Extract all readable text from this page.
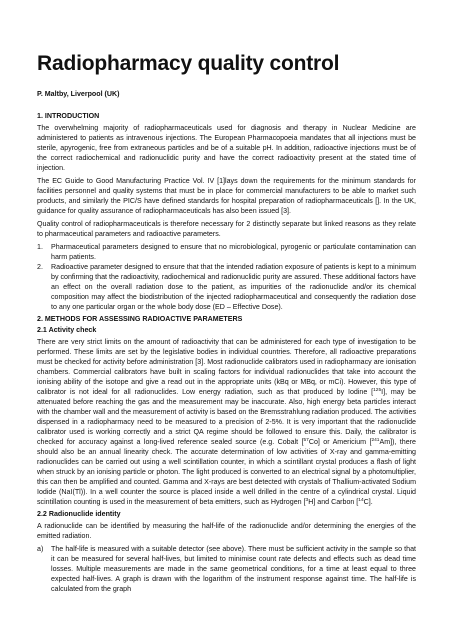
Radiopharmacy quality control
P. Maltby, Liverpool (UK)
1. INTRODUCTION

The overwhelming majority of radiopharmaceuticals used for diagnosis and therapy in Nuclear Medicine are administered to patients as intravenous injections. The European Pharmacopoeia mandates that all injections must be sterile, apyrogenic, free from extraneous particles and be of a suitable pH. In addition, radioactive injections must be of the correct radiochemical and radionuclidic purity and have the correct radioactivity present at the stated time of injection.

The EC Guide to Good Manufacturing Practice Vol. IV [1]lays down the requirements for the minimum standards for facilities personnel and quality systems that must be in place for commercial manufacturers to be able to market such products, and similarly the PIC/S have defined standards for hospital preparation of radiopharmaceuticals []. In the UK, guidance for quality assurance of radiopharmaceuticals has also been issued [3].

Quality control of radiopharmaceuticals is therefore necessary for 2 distinctly separate but linked reasons as they relate to pharmaceutical parameters and radioactive parameters.

1. Pharmaceutical parameters designed to ensure that no microbiological, pyrogenic or particulate contamination can harm patients.
2. Radioactive parameter designed to ensure that that the intended radiation exposure of patients is kept to a minimum by confirming that the radioactivity, radiochemical and radionuclidic purity are assured. These additional factors have an effect on the overall radiation dose to the patient, as impurities of the radionuclide and/or its chemical composition may affect the biodistribution of the injected radiopharmaceutical and consequently the radiation dose to any one particular organ or the whole body dose (ED – Effective Dose).
2. METHODS FOR ASSESSING RADIOACTIVE PARAMETERS
2.1 Activity check

There are very strict limits on the amount of radioactivity that can be administered for each type of investigation to be performed. These limits are set by the legislative bodies in individual countries. Therefore, all radioactive preparations must be checked for activity before administration [3]. Most radionuclide calibrators used in radiopharmacy are ionisation chambers. Commercial calibrators have built in scaling factors for individual radionuclides that take into account the ionising ability of the isotope and give a read out in the appropriate units (kBq or MBq, or mCi). However, this type of calibrator is not ideal for all radionuclides. Low energy radiation, such as that produced by Iodine [$^{125}$I], may be attenuated before reaching the gas and the measurement may be inaccurate. Also, high energy beta particles interact with the chamber wall and the measurement of activity is based on the Bremsstrahlung radiation produced. The activities dispensed in a radiopharmacy need to be measured to a precision of 2-5%. It is very important that the radionuclide calibrator used is working correctly and a strict QA regime should be followed to ensure this. Daily, the calibrator is checked for accuracy against a long-lived reference sealed source (e.g. Cobalt [$^{57}$Co] or Americium [$^{241}$Am]), there should also be an annual linearity check. The accurate determination of low activities of X-ray and gamma-emitting radionuclides can be carried out using a well scintillation counter, in which a scintillant crystal produces a flash of light when struck by an ionising particle or photon. The light produced is converted to an electrical signal by a photomultiplier, this can then be amplified and counted. Gamma and X-rays are best detected with crystals of Thallium-activated Sodium Iodide (NaI(Tl)). In a well counter the source is placed inside a well drilled in the centre of a cylindrical crystal. Liquid scintillation counting is used in the measurement of beta emitters, such as Hydrogen [$^3$H] and Carbon [$^{14}$C].

2.2 Radionuclide identity

A radionuclide can be identified by measuring the half-life of the radionuclide and/or determining the energies of the emitted radiation.

a) The half-life is measured with a suitable detector (see above). There must be sufficient activity in the sample so that it can be measured for several half-lives, but limited to minimise count rate defects and effects such as dead time losses. Multiple measurements are made in the same geometrical conditions, for a time at least equal to three expected half-lives. A graph is drawn with the logarithm of the instrument response against time. The half-life is calculated from the graph
